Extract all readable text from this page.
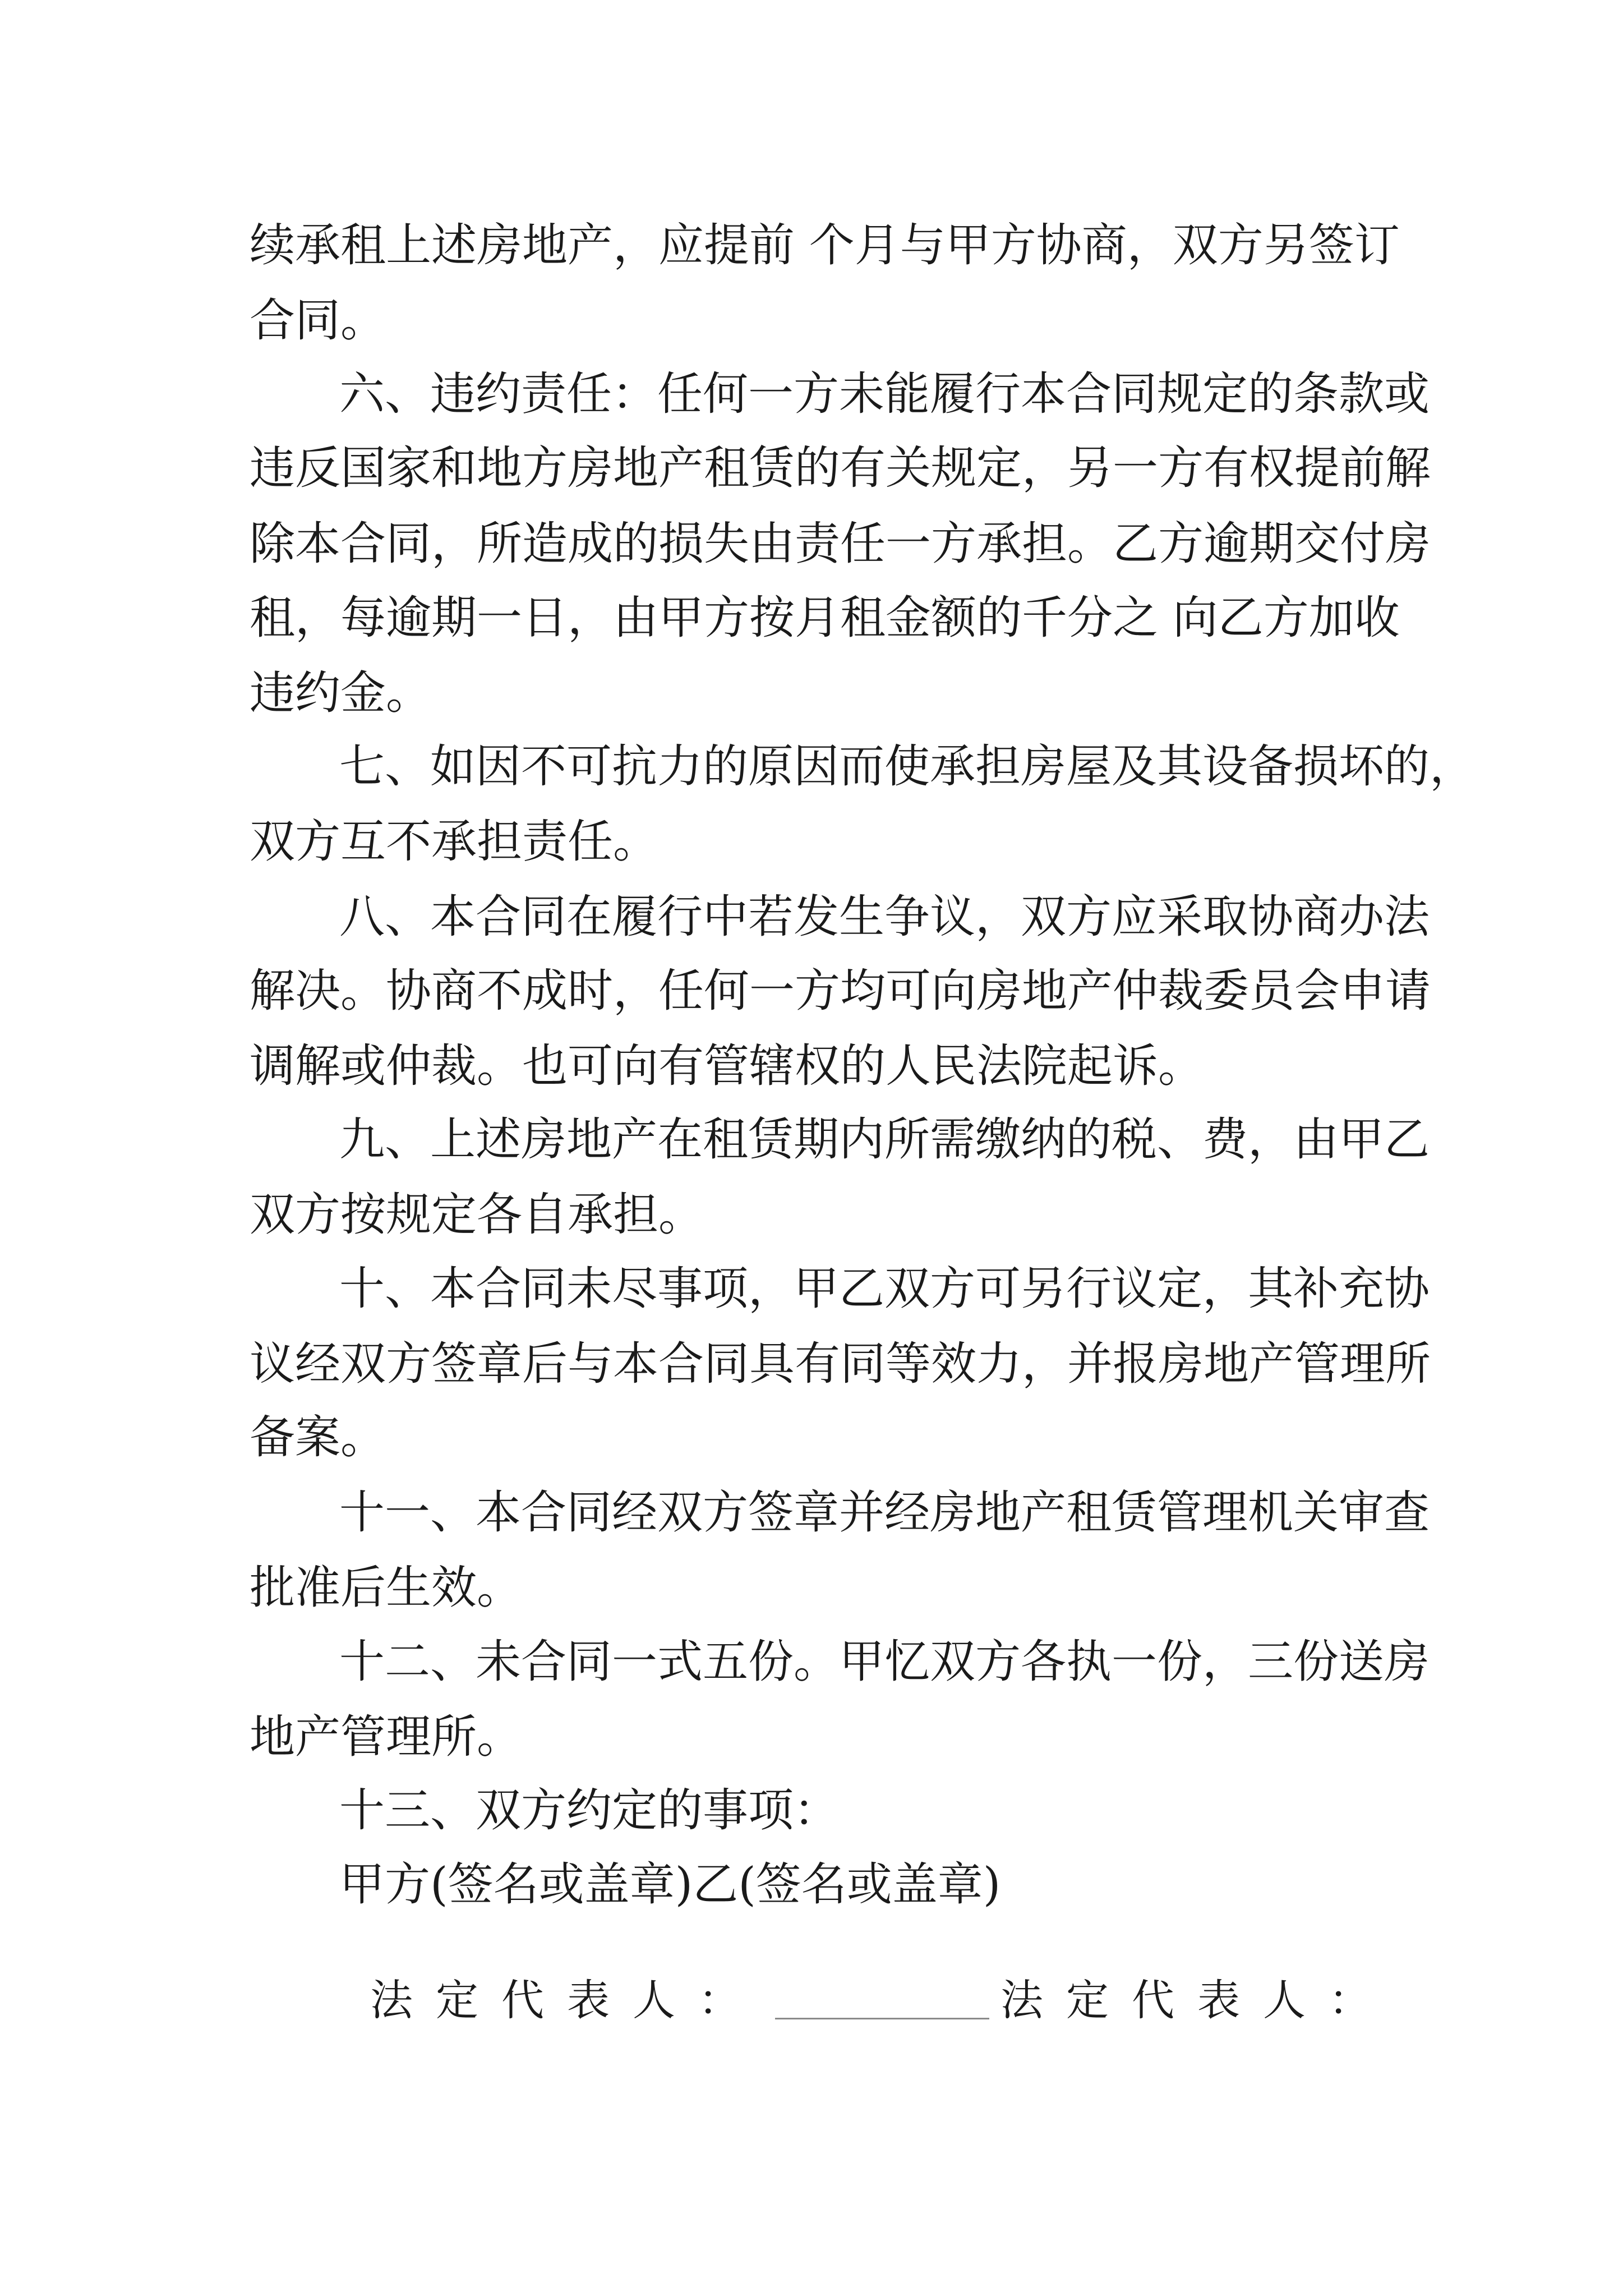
续承租上述房地产，应提前 个月与甲方协商，双方另签订

合同。

六、违约责任：任何一方未能履行本合同规定的条款或

违反国家和地方房地产租赁的有关规定，另一方有权提前解

除本合同，所造成的损失由责任一方承担。乙方逾期交付房

租，每逾期一日，由甲方按月租金额的千分之 向乙方加收

违约金。

七、如因不可抗力的原因而使承担房屋及其设备损坏的，

双方互不承担责任。

八、本合同在履行中若发生争议，双方应采取协商办法

解决。协商不成时，任何一方均可向房地产仲裁委员会申请

调解或仲裁。也可向有管辖权的人民法院起诉。

九、上述房地产在租赁期内所需缴纳的税、费，由甲乙

双方按规定各自承担。

十、本合同未尽事项，甲乙双方可另行议定，其补充协

议经双方签章后与本合同具有同等效力，并报房地产管理所

备案。

十一、本合同经双方签章并经房地产租赁管理机关审查

批准后生效。

十二、未合同一式五份。甲忆双方各执一份，三份送房

地产管理所。

十三、双方约定的事项：

甲方(签名或盖章)乙(签名或盖章)

法定代表人：	法定代表人：
